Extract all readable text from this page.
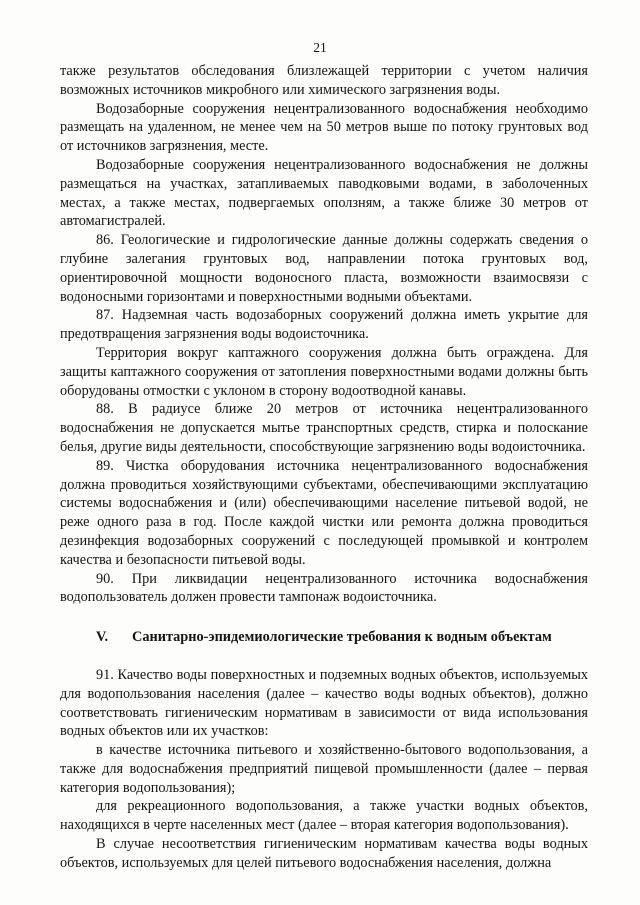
21

также результатов обследования близлежащей территории с учетом наличия возможных источников микробного или химического загрязнения воды.

Водозаборные сооружения нецентрализованного водоснабжения необходимо размещать на удаленном, не менее чем на 50 метров выше по потоку грунтовых вод от источников загрязнения, месте.

Водозаборные сооружения нецентрализованного водоснабжения не должны размещаться на участках, затапливаемых паводковыми водами, в заболоченных местах, а также местах, подвергаемых оползням, а также ближе 30 метров от автомагистралей.

86. Геологические и гидрологические данные должны содержать сведения о глубине залегания грунтовых вод, направлении потока грунтовых вод, ориентировочной мощности водоносного пласта, возможности взаимосвязи с водоносными горизонтами и поверхностными водными объектами.

87. Надземная часть водозаборных сооружений должна иметь укрытие для предотвращения загрязнения воды водоисточника.

Территория вокруг каптажного сооружения должна быть ограждена. Для защиты каптажного сооружения от затопления поверхностными водами должны быть оборудованы отмостки с уклоном в сторону водоотводной канавы.

88. В радиусе ближе 20 метров от источника нецентрализованного водоснабжения не допускается мытье транспортных средств, стирка и полоскание белья, другие виды деятельности, способствующие загрязнению воды водоисточника.

89. Чистка оборудования источника нецентрализованного водоснабжения должна проводиться хозяйствующими субъектами, обеспечивающими эксплуатацию системы водоснабжения и (или) обеспечивающими население питьевой водой, не реже одного раза в год. После каждой чистки или ремонта должна проводиться дезинфекция водозаборных сооружений с последующей промывкой и контролем качества и безопасности питьевой воды.

90. При ликвидации нецентрализованного источника водоснабжения водопользователь должен провести тампонаж водоисточника.

V.	Санитарно-эпидемиологические требования к водным объектам

91. Качество воды поверхностных и подземных водных объектов, используемых для водопользования населения (далее – качество воды водных объектов), должно соответствовать гигиеническим нормативам в зависимости от вида использования водных объектов или их участков:

в качестве источника питьевого и хозяйственно-бытового водопользования, а также для водоснабжения предприятий пищевой промышленности (далее – первая категория водопользования);

для рекреационного водопользования, а также участки водных объектов, находящихся в черте населенных мест (далее – вторая категория водопользования).

В случае несоответствия гигиеническим нормативам качества воды водных объектов, используемых для целей питьевого водоснабжения населения, должна
